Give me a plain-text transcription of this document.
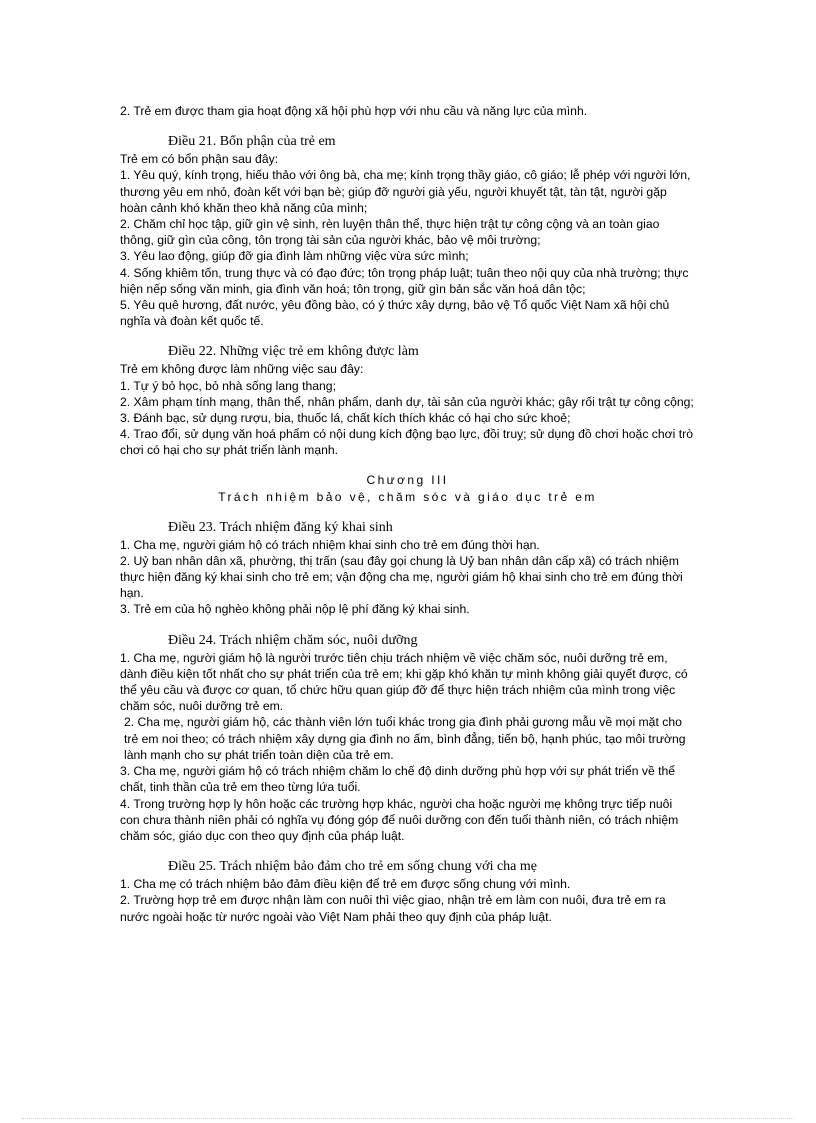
2. Trẻ em được tham gia hoạt động xã hội phù hợp với nhu cầu và năng lực của mình.

Điều 21. Bổn phận của trẻ em

Trẻ em có bổn phận sau đây:

1. Yêu quý, kính trọng, hiếu thảo với ông bà, cha mẹ; kính trọng thầy giáo, cô giáo; lễ phép với người lớn, thương yêu em nhỏ, đoàn kết với bạn bè; giúp đỡ người già yếu, người khuyết tật, tàn tật, người gặp hoàn cảnh khó khăn theo khả năng của mình;

2. Chăm chỉ học tập, giữ gìn vệ sinh, rèn luyện thân thể, thực hiện trật tự công cộng và an toàn giao thông, giữ gìn của công, tôn trọng tài sản của người khác, bảo vệ môi trường;

3. Yêu lao động, giúp đỡ gia đình làm những việc vừa sức mình;

4. Sống khiêm tốn, trung thực và có đạo đức; tôn trọng pháp luật; tuân theo nội quy của nhà trường; thực hiện nếp sống văn minh, gia đình văn hoá; tôn trọng, giữ gìn bản sắc văn hoá dân tộc;

5. Yêu quê hương, đất nước, yêu đồng bào, có ý thức xây dựng, bảo vệ Tổ quốc Việt Nam xã hội chủ nghĩa và đoàn kết quốc tế.

Điều 22. Những việc trẻ em không được làm

Trẻ em không được làm những việc sau đây:

1. Tự ý bỏ học, bỏ nhà sống lang thang;

2. Xâm phạm tính mạng, thân thể, nhân phẩm, danh dự, tài sản của người khác; gây rối trật tự công cộng;

3. Đánh bạc, sử dụng rượu, bia, thuốc lá, chất kích thích khác có hại cho sức khoẻ;

4. Trao đổi, sử dụng văn hoá phẩm có nội dung kích động bạo lực, đồi truỵ; sử dụng đồ chơi hoặc chơi trò chơi có hại cho sự phát triển lành mạnh.

Chương III

Trách nhiệm bảo vệ, chăm sóc và giáo dục trẻ em

Điều 23. Trách nhiệm đăng ký khai sinh

1. Cha mẹ, người giám hộ có trách nhiệm khai sinh cho trẻ em đúng thời hạn.

2. Uỷ ban nhân dân xã, phường, thị trấn (sau đây gọi chung là Uỷ ban nhân dân cấp xã) có trách nhiệm thực hiện đăng ký khai sinh cho trẻ em; vận động cha mẹ, người giám hộ khai sinh cho trẻ em đúng thời hạn.

3. Trẻ em của hộ nghèo không phải nộp lệ phí đăng ký khai sinh.

Điều 24. Trách nhiệm chăm sóc, nuôi dưỡng

1. Cha mẹ, người giám hộ là người trước tiên chịu trách nhiệm về việc chăm sóc, nuôi dưỡng trẻ em, dành điều kiện tốt nhất cho sự phát triển của trẻ em; khi gặp khó khăn tự mình không giải quyết được, có thể yêu cầu và được cơ quan, tổ chức hữu quan giúp đỡ để thực hiện trách nhiệm của mình trong việc chăm sóc, nuôi dưỡng trẻ em.

2. Cha mẹ, người giám hộ, các thành viên lớn tuổi khác trong gia đình phải gương mẫu về mọi mặt cho trẻ em noi theo; có trách nhiệm xây dựng gia đình no ấm, bình đẳng, tiến bộ, hạnh phúc, tạo môi trường lành mạnh cho sự phát triển toàn diện của trẻ em.

3. Cha mẹ, người giám hộ có trách nhiệm chăm lo chế độ dinh dưỡng phù hợp với sự phát triển về thể chất, tinh thần của trẻ em theo từng lứa tuổi.

4. Trong trường hợp ly hôn hoặc các trường hợp khác, người cha hoặc người mẹ không trực tiếp nuôi con chưa thành niên phải có nghĩa vụ đóng góp để nuôi dưỡng con đến tuổi thành niên, có trách nhiệm chăm sóc, giáo dục con theo quy định của pháp luật.

Điều 25. Trách nhiệm bảo đảm cho trẻ em sống chung với cha mẹ

1. Cha mẹ có trách nhiệm bảo đảm điều kiện để trẻ em được sống chung với mình.

2. Trường hợp trẻ em được nhận làm con nuôi thì việc giao, nhận trẻ em làm con nuôi, đưa trẻ em ra nước ngoài hoặc từ nước ngoài vào Việt Nam phải theo quy định của pháp luật.
